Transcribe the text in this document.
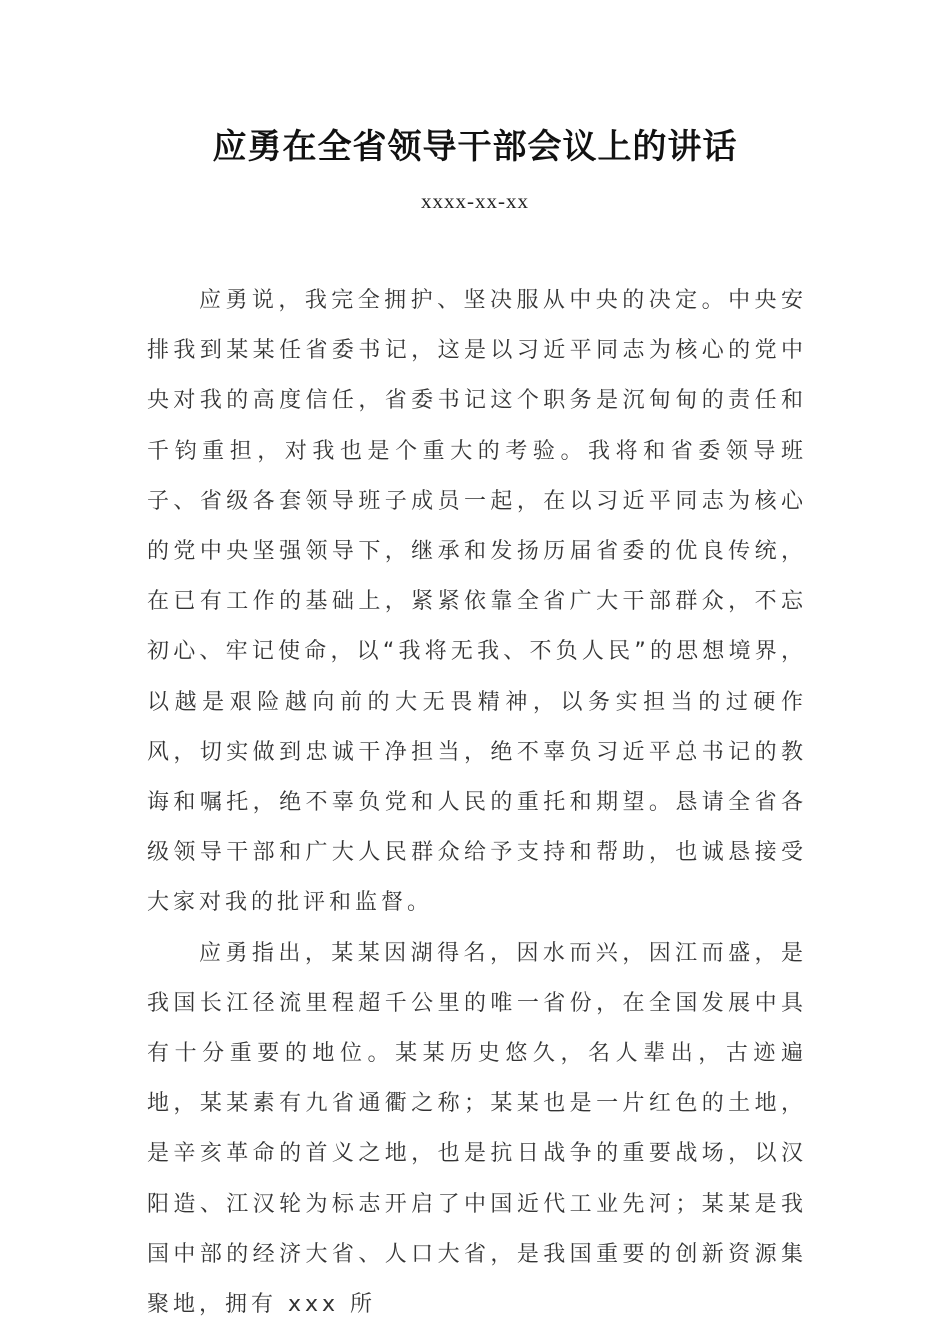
应勇在全省领导干部会议上的讲话
xxxx-xx-xx

应勇说，我完全拥护、坚决服从中央的决定。中央安排我到某某任省委书记，这是以习近平同志为核心的党中央对我的高度信任，省委书记这个职务是沉甸甸的责任和千钧重担，对我也是个重大的考验。我将和省委领导班子、省级各套领导班子成员一起，在以习近平同志为核心的党中央坚强领导下，继承和发扬历届省委的优良传统，在已有工作的基础上，紧紧依靠全省广大干部群众，不忘初心、牢记使命，以“我将无我、不负人民”的思想境界，以越是艰险越向前的大无畏精神，以务实担当的过硬作风，切实做到忠诚干净担当，绝不辜负习近平总书记的教诲和嘱托，绝不辜负党和人民的重托和期望。恳请全省各级领导干部和广大人民群众给予支持和帮助，也诚恳接受大家对我的批评和监督。

应勇指出，某某因湖得名，因水而兴，因江而盛，是我国长江径流里程超千公里的唯一省份，在全国发展中具有十分重要的地位。某某历史悠久，名人辈出，古迹遍地，某某素有九省通衢之称；某某也是一片红色的土地，是辛亥革命的首义之地，也是抗日战争的重要战场，以汉阳造、江汉轮为标志开启了中国近代工业先河；某某是我国中部的经济大省、人口大省，是我国重要的创新资源集聚地，拥有 xxx 所
